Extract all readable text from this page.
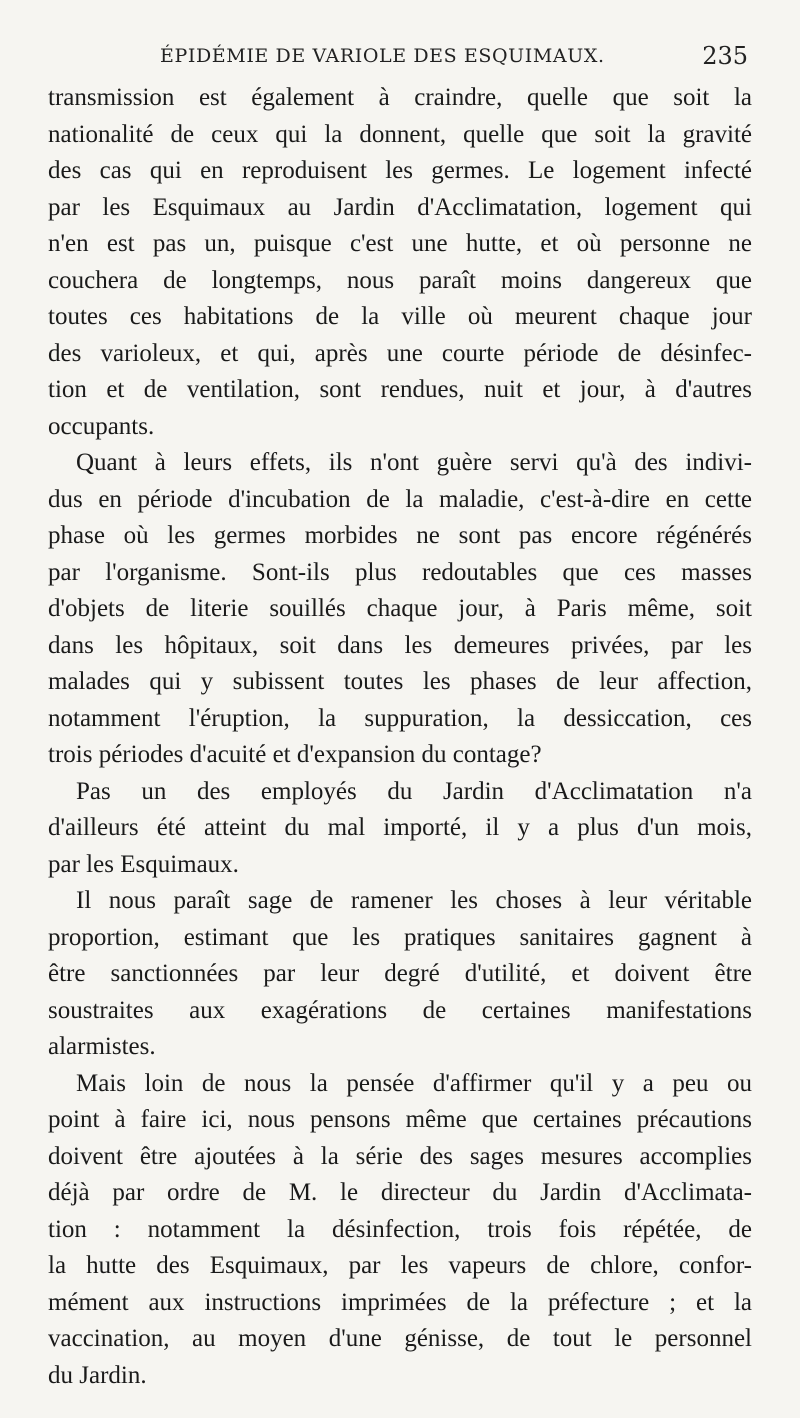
ÉPIDÉMIE DE VARIOLE DES ESQUIMAUX.	235
transmission est également à craindre, quelle que soit la
nationalité de ceux qui la donnent, quelle que soit la gravité
des cas qui en reproduisent les germes. Le logement infecté
par les Esquimaux au Jardin d'Acclimatation, logement qui
n'en est pas un, puisque c'est une hutte, et où personne ne
couchera de longtemps, nous paraît moins dangereux que
toutes ces habitations de la ville où meurent chaque jour
des varioleux, et qui, après une courte période de désinfec-
tion et de ventilation, sont rendues, nuit et jour, à d'autres
occupants.
Quant à leurs effets, ils n'ont guère servi qu'à des indivi-
dus en période d'incubation de la maladie, c'est-à-dire en cette
phase où les germes morbides ne sont pas encore régénérés
par l'organisme. Sont-ils plus redoutables que ces masses
d'objets de literie souillés chaque jour, à Paris même, soit
dans les hôpitaux, soit dans les demeures privées, par les
malades qui y subissent toutes les phases de leur affection,
notamment l'éruption, la suppuration, la dessiccation, ces
trois périodes d'acuité et d'expansion du contage?
Pas un des employés du Jardin d'Acclimatation n'a
d'ailleurs été atteint du mal importé, il y a plus d'un mois,
par les Esquimaux.
Il nous paraît sage de ramener les choses à leur véritable
proportion, estimant que les pratiques sanitaires gagnent à
être sanctionnées par leur degré d'utilité, et doivent être
soustraites aux exagérations de certaines manifestations
alarmistes.
Mais loin de nous la pensée d'affirmer qu'il y a peu ou
point à faire ici, nous pensons même que certaines précautions
doivent être ajoutées à la série des sages mesures accomplies
déjà par ordre de M. le directeur du Jardin d'Acclimata-
tion : notamment la désinfection, trois fois répétée, de
la hutte des Esquimaux, par les vapeurs de chlore, confor-
mément aux instructions imprimées de la préfecture ; et la
vaccination, au moyen d'une génisse, de tout le personnel
du Jardin.
